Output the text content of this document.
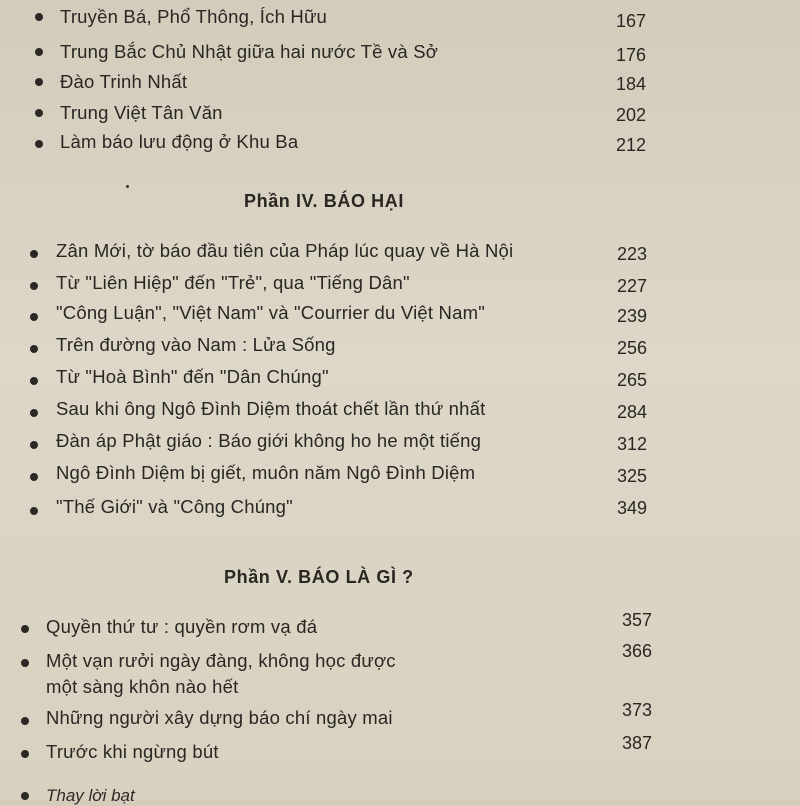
Truyền Bá, Phổ Thông, Ích Hữu	167
Trung Bắc Chủ Nhật giữa hai nước Tề và Sở	176
Đào Trinh Nhất	184
Trung Việt Tân Văn	202
Làm báo lưu động ở Khu Ba	212
Phần IV. BÁO HẠI
Zân Mới, tờ báo đầu tiên của Pháp lúc quay về Hà Nội	223
Từ "Liên Hiệp" đến "Trẻ", qua "Tiếng Dân"	227
"Công Luận", "Việt Nam" và "Courrier du Việt Nam"	239
Trên đường vào Nam : Lửa Sống	256
Từ "Hoà Bình" đến "Dân Chúng"	265
Sau khi ông Ngô Đình Diệm thoát chết lần thứ nhất	284
Đàn áp Phật giáo : Báo giới không ho he một tiếng	312
Ngô Đình Diệm bị giết, muôn năm Ngô Đình Diệm	325
"Thế Giới" và "Công Chúng"	349
Phần V. BÁO LÀ GÌ ?
Quyền thứ tư : quyền rơm vạ đá	357
Một vạn rưởi ngày đàng, không học được
một sàng khôn nào hết
366
Những người xây dựng báo chí ngày mai	373
Trước khi ngừng bút	387
Thay lời bạt
